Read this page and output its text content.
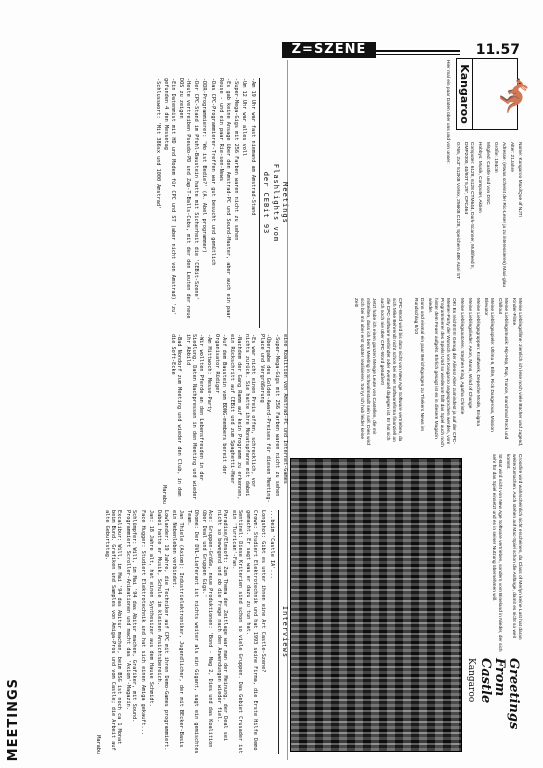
Z=SZENE	11.57
Meetings
Flashlights vom
der CEBit 93

-Am 19 Uhr war fast niemand am Amstrad-Stand

-Um 12 Uhr war alles voll

-Super-Mega-Gigs mit 256 Farben waren nicht zu sehen

-Es gab keine Ansage über den Amstrad-PC und Sound-Master, aber auch ein paar Reuse - und ein paar Rie-sen-News

-Das CPC-Programmierer-Treffen war gut besucht und gemütlich

-DDR-Programmierer: 'Wo ist Bedie?' (A. Abel programmer)

-Der CPC-Stand im Pfuhl-Baustein hatte mit Sicherheit die 'CEBit-Szene'

-Heute vertreiben Pseudo-PD und Zap-T-Balls-Cubs, mit der den Leuten der neue DOS zu zeigen

-Ein Datenmist mit HD und Modem für CPC und ST (aber nicht von Amstrad) 'zu' gefunden 4 den Messetag

-Schlusswort: 'Mit 386sx und 1000 Amstrad'

eine Koalition von Amstrad-PC und Internet-Games

-Super-Mega-Gigs mit 256 Farben waren nicht zu sehen

-Übergabe des Golden-Award-Preises für diesen Meeting-Place und Vergrößerung

-Es war nicht einen Preis offen, schrecklich, vor nichts zurück. Sie hatte ihre Monatspfanne mit dabei

-Nachdem der Gang Ramm auf kein Programm zu erkennen, ein Rückschritt auf CEBit und zum Spaghetti-Meer

-Auf dem Baustein vom BDNG-members bereit der Organisator Rüdiger

-Am Mittwoch: Messe-Party

-Wir wollten Pferde an den Lebensfreuden in der Siedlung. Daten Nachpressen in den Meeting und wieder ihr Abbild

-Bad Nondorf zum Meeting und wieder den Club, in dem die Soft-Ecke

Marabu

Interviews

...beim 'Castle IA'...

Longshot: Gibt es unter ihnen eine Art Castle-Szene?

Crown: Studiert Elektrotechnik und hat 1993 seine Firma, die Erste Hilfe Demo gemacht. Er sagt was er dazu zu tun hat.

Sentinel: Diese Kriterien sind schon so viele Gruppen. Das Gebiet Crusader ist ein 'Turrican'-Fan.

Paradise/Elmsoft: Zum Thema der Zeitlage war man der Meinung, der Deal sei nicht so bewegend und ob die Frage nach den Anwendungen wieder fiel.

Ace: Gruppen-Größe, neue Produktionen: 'Bond - Mag 2, Dies und das Koalition über Deal und Gruppen Gigs.'

Dhome: Der DVL-Lieferant ist nichts weiter als ein Gigant, sagt ein gemischtes Team.

Jan Thiele (Axiom): Industrielektroniker, Jugendlicher, der mit BEcker-Basis ein Nebenleben verbindet.

Lowlander: 19 Jahre, die Techniker auf CPC mit ihren Demo-Games programmiert. Dabei hatte er Musik, Schule im kleinen Ansichtsbereich.

Jan: 18 Jahre alt, hat einen Synthesizer aus dem Hause Schmidt.

Face Hugger: Studiert Elektrotechnik und hat sich einen Amiga gekauft...

Schlümpfer: Will, im Mai '94 das Abitur machen, Grafiker, mit Sound. Programmiert Scroller-Animationen und macht das 'Axiom'-Magazin.

Excalibur: Will, im Mai '94 das Abitur machen, beim BSG ist noch ca 1 Monat beim Bund. Grafiken und Samples von Amiga-Pros und vom Castle; die Arbeit auf alte Geburtstag.

Marabu

MEETINGS
🦘
Kangaroo

Hier mal ein paar Daten über uns und von unser:

Name: Kangaroo Maxi/Que of NJT!

Alter: 21Jahre

Adresse: (etwas scheint der Ric-Leser ja zu interessieren) Maxi-glau

Größe: 194cm

Mitglied: Castle und von DSC

Hobbys: Musik, Computer, Aktien

Computer: 6128, 6128 CTM644, Dark-Scanner, Multifeed II, DMP2000, 40/80T 5,25", CPC464

G765, 2x3" 512KB Vortex, 256KB C128, Speichern 48K Atari ST

Meine Lieblingsfilme: ziemlich ich lese noch viele Bücher und Jugend, Kinder-Filme

Meine Lieblingsmusik: Hip-Hop, Rap, Trance, manchmal Rock und Chillout

Meine Lieblingsspiele: Ultima 6, Elite, Rick Dangerous, Mission Elevator

Meine Lieblingsgruppen: Kraftwerk, Depeche Mode, Enigma

Meine Lieblingslieder: Aeon, Mann, Wind of Change

Meine Lieblingsautoren: Stephen King, Agatha Christie

OK! Es reicht!!!!!!! Genug der Aliens! Aber zumindest ja auf der CPC-Meeter-Party der Wunsch von Kangaroo angesprochen werden, vom Programmierer des Spiels! Und so wiederum fällt das Spiel auch noch hinter dem Feuer aufgeht. Ehrlich gesagt ist es in diesem Magazin wieder.

Dann und einmal ein paar Berichtigungen zu Thekers News im Rundschlag 8/10

Crossfire wird wahrscheinlich nicht erscheinen, da Class of Merlyn keine Lust hat daran weiterzumachen. Auch stehen auf Mac-Spiel schon die Anfänge, damit es nicht so weit kommt.

St-Bat wird nicht von New Age Software vertrieben, sondern vom Bineland in Nieder, der sich sehr für das Spiel einsetzt und es in seiner Nutzung übernehmen will.

CPC-Word wird bis dato nicht von New Age Software vertrieben, da sich Mike Behrendt nicht schon bei einer Softwarefirma finanziell an die CPC-Software verbindet oder eventuell dagegen ist. Er hat sich auch noch nie über CPC-Word geäußert!

Jetzt habe ich einen ganzen Menge Leute von Castellen, die mir mitteilten, dass ich beim Meeting in Schwalmstadt sein soll. Dies wird sich bei mir aber erst später realisieren. Sorry! Ich hab leider keine Zeit!

Greetings
From
Castle
Kangaroo
